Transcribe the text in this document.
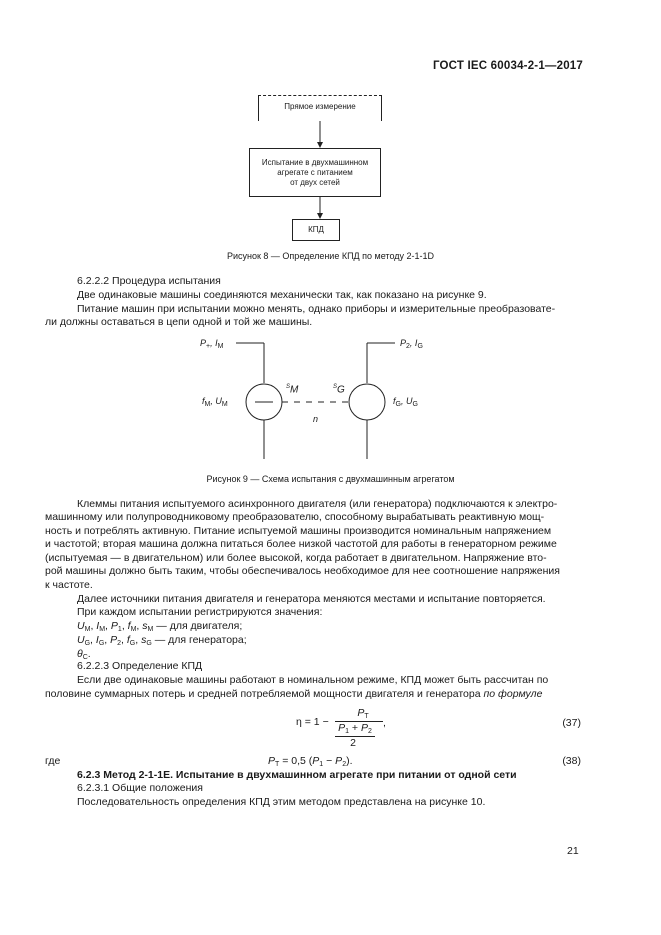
ГОСТ IEC 60034-2-1—2017
Прямое измерение
Испытание в двухмашинном
агрегате с питанием
от двух сетей
КПД
Рисунок 8 — Определение КПД по методу 2-1-1D
6.2.2.2 Процедура испытания
Две одинаковые машины соединяются механически так, как показано на рисунке 9.
Питание машин при испытании можно менять, однако приборы и измерительные преобразовате-
ли должны оставаться в цепи одной и той же машины.
$P_+$, $I_M$	$P_2$, $I_G$
$f_M$, $U_M$	$f_G$, $U_G$
$^S$M	$^S$G
n
Рисунок 9 — Схема испытания с двухмашинным агрегатом
Клеммы питания испытуемого асинхронного двигателя (или генератора) подключаются к электро-
машинному или полупроводниковому преобразователю, способному вырабатывать реактивную мощ-
ность и потреблять активную. Питание испытуемой машины производится номинальным напряжением
и частотой; вторая машина должна питаться более низкой частотой для работы в генераторном режиме
(испытуемая — в двигательном) или более высокой, когда работает в двигательном. Напряжение вто-
рой машины должно быть таким, чтобы обеспечивалось необходимое для нее соотношение напряжения
к частоте.
Далее источники питания двигателя и генератора меняются местами и испытание повторяется.
При каждом испытании регистрируются значения:
$U_M$, $I_M$, $P_1$, $f_M$, $s_M$ — для двигателя;
$U_G$, $I_G$, $P_2$, $f_G$, $s_G$ — для генератора;
$\theta_C$.
6.2.2.3 Определение КПД
Если две одинаковые машины работают в номинальном режиме, КПД может быть рассчитан по
половине суммарных потерь и средней потребляемой мощности двигателя и генератора по формуле
η = 1 −
$P_T$
$P_1 + P_2$
2
,	(37)
где	$P_T = 0,5$ $(P_1 - P_2)$.	(38)
6.2.3 Метод 2-1-1E. Испытание в двухмашинном агрегате при питании от одной сети
6.2.3.1 Общие положения
Последовательность определения КПД этим методом представлена на рисунке 10.
21
